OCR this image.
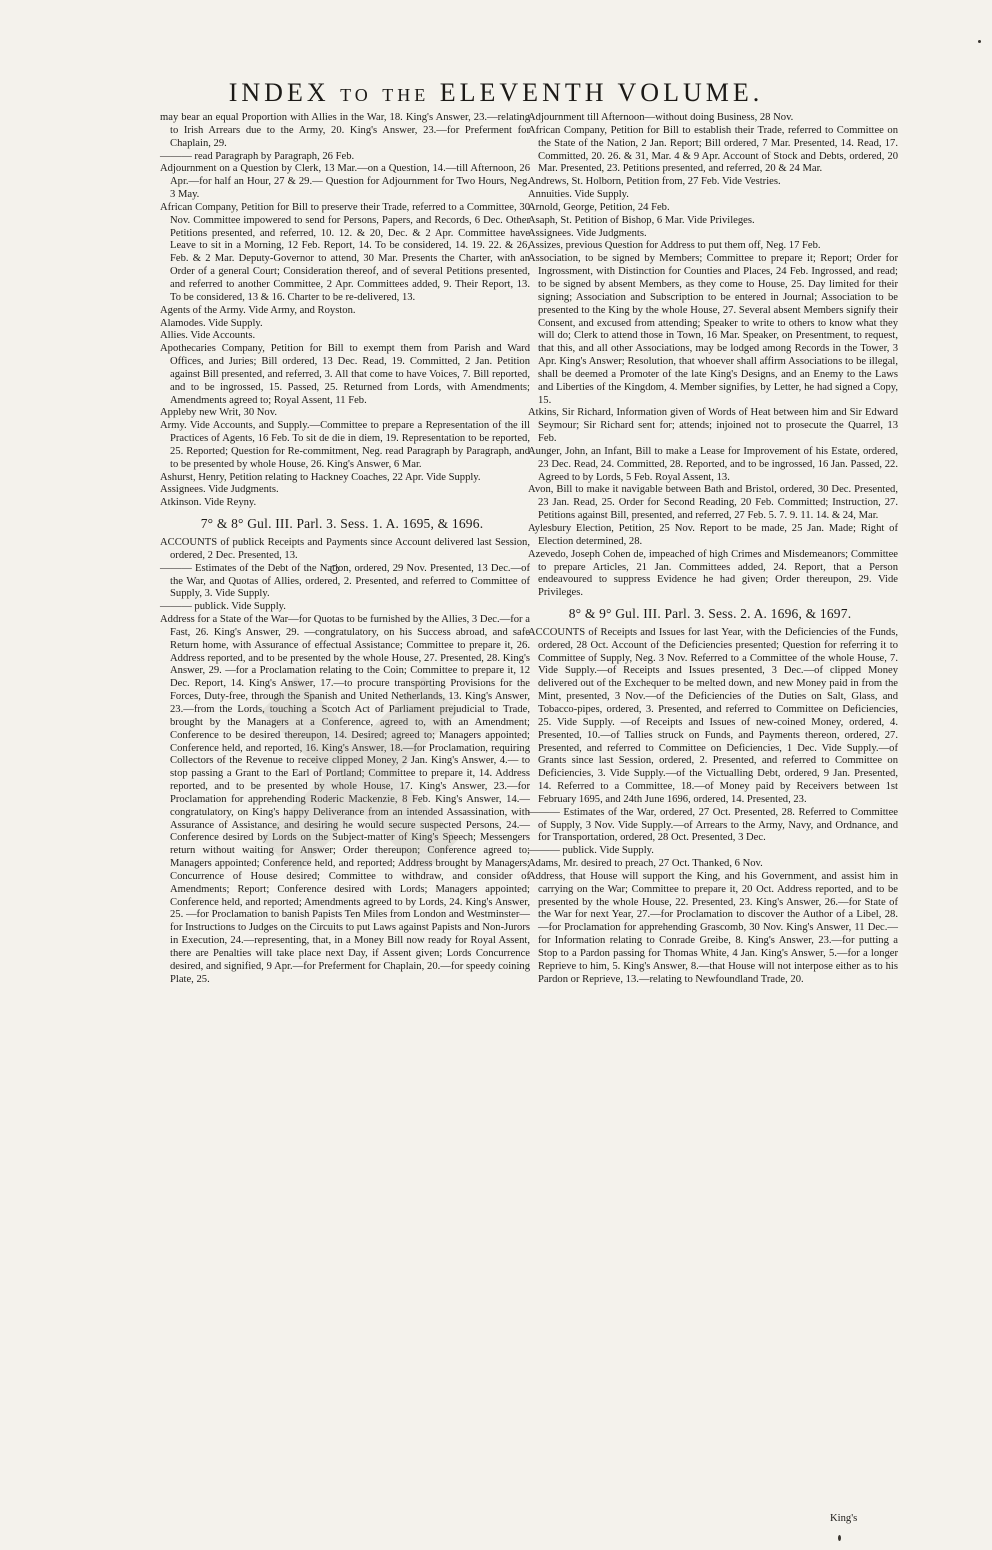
INDEX to the ELEVENTH VOLUME.
may bear an equal Proportion with Allies in the War, 18. King's Answer, 23.—relating to Irish Arrears due to the Army, 20. King's Answer, 23.—for Preferment for Chaplain, 29.
——— read Paragraph by Paragraph, 26 Feb.
Adjournment on a Question by Clerk, 13 Mar.—on a Question, 14.—till Afternoon, 26 Apr.—for half an Hour, 27 & 29.— Question for Adjournment for Two Hours, Neg. 3 May.
African Company, Petition for Bill to preserve their Trade, referred to a Committee, 30 Nov. Committee impowered to send for Persons, Papers, and Records, 6 Dec. Other Petitions presented, and referred, 10. 12. & 20, Dec. & 2 Apr. Committee have Leave to sit in a Morning, 12 Feb. Report, 14. To be considered, 14. 19. 22. & 26, Feb. & 2 Mar. Deputy-Governor to attend, 30 Mar. Presents the Charter, with an Order of a general Court; Consideration thereof, and of several Petitions presented, and referred to another Committee, 2 Apr. Committees added, 9. Their Report, 13. To be considered, 13 & 16. Charter to be re-delivered, 13.
Agents of the Army. Vide Army, and Royston.
Alamodes. Vide Supply.
Allies. Vide Accounts.
Apothecaries Company, Petition for Bill to exempt them from Parish and Ward Offices, and Juries; Bill ordered, 13 Dec. Read, 19. Committed, 2 Jan. Petition against Bill presented, and referred, 3. All that come to have Voices, 7. Bill reported, and to be ingrossed, 15. Passed, 25. Returned from Lords, with Amendments; Amendments agreed to; Royal Assent, 11 Feb.
Appleby new Writ, 30 Nov.
Army. Vide Accounts, and Supply.—Committee to prepare a Representation of the ill Practices of Agents, 16 Feb. To sit de die in diem, 19. Representation to be reported, 25. Reported; Question for Re-commitment, Neg. read Paragraph by Paragraph, and to be presented by whole House, 26. King's Answer, 6 Mar.
Ashurst, Henry, Petition relating to Hackney Coaches, 22 Apr. Vide Supply.
Assignees. Vide Judgments.
Atkinson. Vide Reyny.
7° & 8° Gul. III. Parl. 3. Sess. 1. A. 1695, & 1696.
ACCOUNTS of publick Receipts and Payments since Account delivered last Session, ordered, 2 Dec. Presented, 13.
——— Estimates of the Debt of the Nation, ordered, 29 Nov. Presented, 13 Dec.—of the War, and Quotas of Allies, ordered, 2. Presented, and referred to Committee of Supply, 3. Vide Supply.
——— publick. Vide Supply.
Address for a State of the War—for Quotas to be furnished by the Allies, 3 Dec.—for a Fast, 26. King's Answer, 29. —congratulatory, on his Success abroad, and safe Return home, with Assurance of effectual Assistance; Committee to prepare it, 26. Address reported, and to be presented by the whole House, 27. Presented, 28. King's Answer, 29. —for a Proclamation relating to the Coin; Committee to prepare it, 12 Dec. Report, 14. King's Answer, 17.—to procure transporting Provisions for the Forces, Duty-free, through the Spanish and United Netherlands, 13. King's Answer, 23.—from the Lords, touching a Scotch Act of Parliament prejudicial to Trade, brought by the Managers at a Conference, agreed to, with an Amendment; Conference to be desired thereupon, 14. Desired; agreed to; Managers appointed; Conference held, and reported, 16. King's Answer, 18.—for Proclamation, requiring Collectors of the Revenue to receive clipped Money, 2 Jan. King's Answer, 4.— to stop passing a Grant to the Earl of Portland; Committee to prepare it, 14. Address reported, and to be presented by whole House, 17. King's Answer, 23.—for Proclamation for apprehending Roderic Mackenzie, 8 Feb. King's Answer, 14.—congratulatory, on King's happy Deliverance from an intended Assassination, with Assurance of Assistance, and desiring he would secure suspected Persons, 24.—Conference desired by Lords on the Subject-matter of King's Speech; Messengers return without waiting for Answer; Order thereupon; Conference agreed to; Managers appointed; Conference held, and reported; Address brought by Managers; Concurrence of House desired; Committee to withdraw, and consider of Amendments; Report; Conference desired with Lords; Managers appointed; Conference held, and reported; Amendments agreed to by Lords, 24. King's Answer, 25. —for Proclamation to banish Papists Ten Miles from London and Westminster—for Instructions to Judges on the Circuits to put Laws against Papists and Non-Jurors in Execution, 24.—representing, that, in a Money Bill now ready for Royal Assent, there are Penalties will take place next Day, if Assent given; Lords Concurrence desired, and signified, 9 Apr.—for Preferment for Chaplain, 20.—for speedy coining Plate, 25.
Adjournment till Afternoon—without doing Business, 28 Nov.
African Company, Petition for Bill to establish their Trade, referred to Committee on the State of the Nation, 2 Jan. Report; Bill ordered, 7 Mar. Presented, 14. Read, 17. Committed, 20. 26. & 31, Mar. 4 & 9 Apr. Account of Stock and Debts, ordered, 20 Mar. Presented, 23. Petitions presented, and referred, 20 & 24 Mar.
Andrews, St. Holborn, Petition from, 27 Feb. Vide Vestries.
Annuities. Vide Supply.
Arnold, George, Petition, 24 Feb.
Asaph, St. Petition of Bishop, 6 Mar. Vide Privileges.
Assignees. Vide Judgments.
Assizes, previous Question for Address to put them off, Neg. 17 Feb.
Association, to be signed by Members; Committee to prepare it; Report; Order for Ingrossment, with Distinction for Counties and Places, 24 Feb. Ingrossed, and read; to be signed by absent Members, as they come to House, 25. Day limited for their signing; Association and Subscription to be entered in Journal; Association to be presented to the King by the whole House, 27. Several absent Members signify their Consent, and excused from attending; Speaker to write to others to know what they will do; Clerk to attend those in Town, 16 Mar. Speaker, on Presentment, to request, that this, and all other Associations, may be lodged among Records in the Tower, 3 Apr. King's Answer; Resolution, that whoever shall affirm Associations to be illegal, shall be deemed a Promoter of the late King's Designs, and an Enemy to the Laws and Liberties of the Kingdom, 4. Member signifies, by Letter, he had signed a Copy, 15.
Atkins, Sir Richard, Information given of Words of Heat between him and Sir Edward Seymour; Sir Richard sent for; attends; injoined not to prosecute the Quarrel, 13 Feb.
Aunger, John, an Infant, Bill to make a Lease for Improvement of his Estate, ordered, 23 Dec. Read, 24. Committed, 28. Reported, and to be ingrossed, 16 Jan. Passed, 22. Agreed to by Lords, 5 Feb. Royal Assent, 13.
Avon, Bill to make it navigable between Bath and Bristol, ordered, 30 Dec. Presented, 23 Jan. Read, 25. Order for Second Reading, 20 Feb. Committed; Instruction, 27. Petitions against Bill, presented, and referred, 27 Feb. 5. 7. 9. 11. 14. & 24, Mar.
Aylesbury Election, Petition, 25 Nov. Report to be made, 25 Jan. Made; Right of Election determined, 28.
Azevedo, Joseph Cohen de, impeached of high Crimes and Misdemeanors; Committee to prepare Articles, 21 Jan. Committees added, 24. Report, that a Person endeavoured to suppress Evidence he had given; Order thereupon, 29. Vide Privileges.
8° & 9° Gul. III. Parl. 3. Sess. 2. A. 1696, & 1697.
ACCOUNTS of Receipts and Issues for last Year, with the Deficiencies of the Funds, ordered, 28 Oct. Account of the Deficiencies presented; Question for referring it to Committee of Supply, Neg. 3 Nov. Referred to a Committee of the whole House, 7. Vide Supply.—of Receipts and Issues presented, 3 Dec.—of clipped Money delivered out of the Exchequer to be melted down, and new Money paid in from the Mint, presented, 3 Nov.—of the Deficiencies of the Duties on Salt, Glass, and Tobacco-pipes, ordered, 3. Presented, and referred to Committee on Deficiencies, 25. Vide Supply. —of Receipts and Issues of new-coined Money, ordered, 4. Presented, 10.—of Tallies struck on Funds, and Payments thereon, ordered, 27. Presented, and referred to Committee on Deficiencies, 1 Dec. Vide Supply.—of Grants since last Session, ordered, 2. Presented, and referred to Committee on Deficiencies, 3. Vide Supply.—of the Victualling Debt, ordered, 9 Jan. Presented, 14. Referred to a Committee, 18.—of Money paid by Receivers between 1st February 1695, and 24th June 1696, ordered, 14. Presented, 23.
——— Estimates of the War, ordered, 27 Oct. Presented, 28. Referred to Committee of Supply, 3 Nov. Vide Supply.—of Arrears to the Army, Navy, and Ordnance, and for Transportation, ordered, 28 Oct. Presented, 3 Dec.
——— publick. Vide Supply.
Adams, Mr. desired to preach, 27 Oct. Thanked, 6 Nov.
Address, that House will support the King, and his Government, and assist him in carrying on the War; Committee to prepare it, 20 Oct. Address reported, and to be presented by the whole House, 22. Presented, 23. King's Answer, 26.—for State of the War for next Year, 27.—for Proclamation to discover the Author of a Libel, 28.—for Proclamation for apprehending Grascomb, 30 Nov. King's Answer, 11 Dec.—for Information relating to Conrade Greibe, 8. King's Answer, 23.—for putting a Stop to a Pardon passing for Thomas White, 4 Jan. King's Answer, 5.—for a longer Reprieve to him, 5. King's Answer, 8.—that House will not interpose either as to his Pardon or Reprieve, 13.—relating to Newfoundland Trade, 20.
King's
